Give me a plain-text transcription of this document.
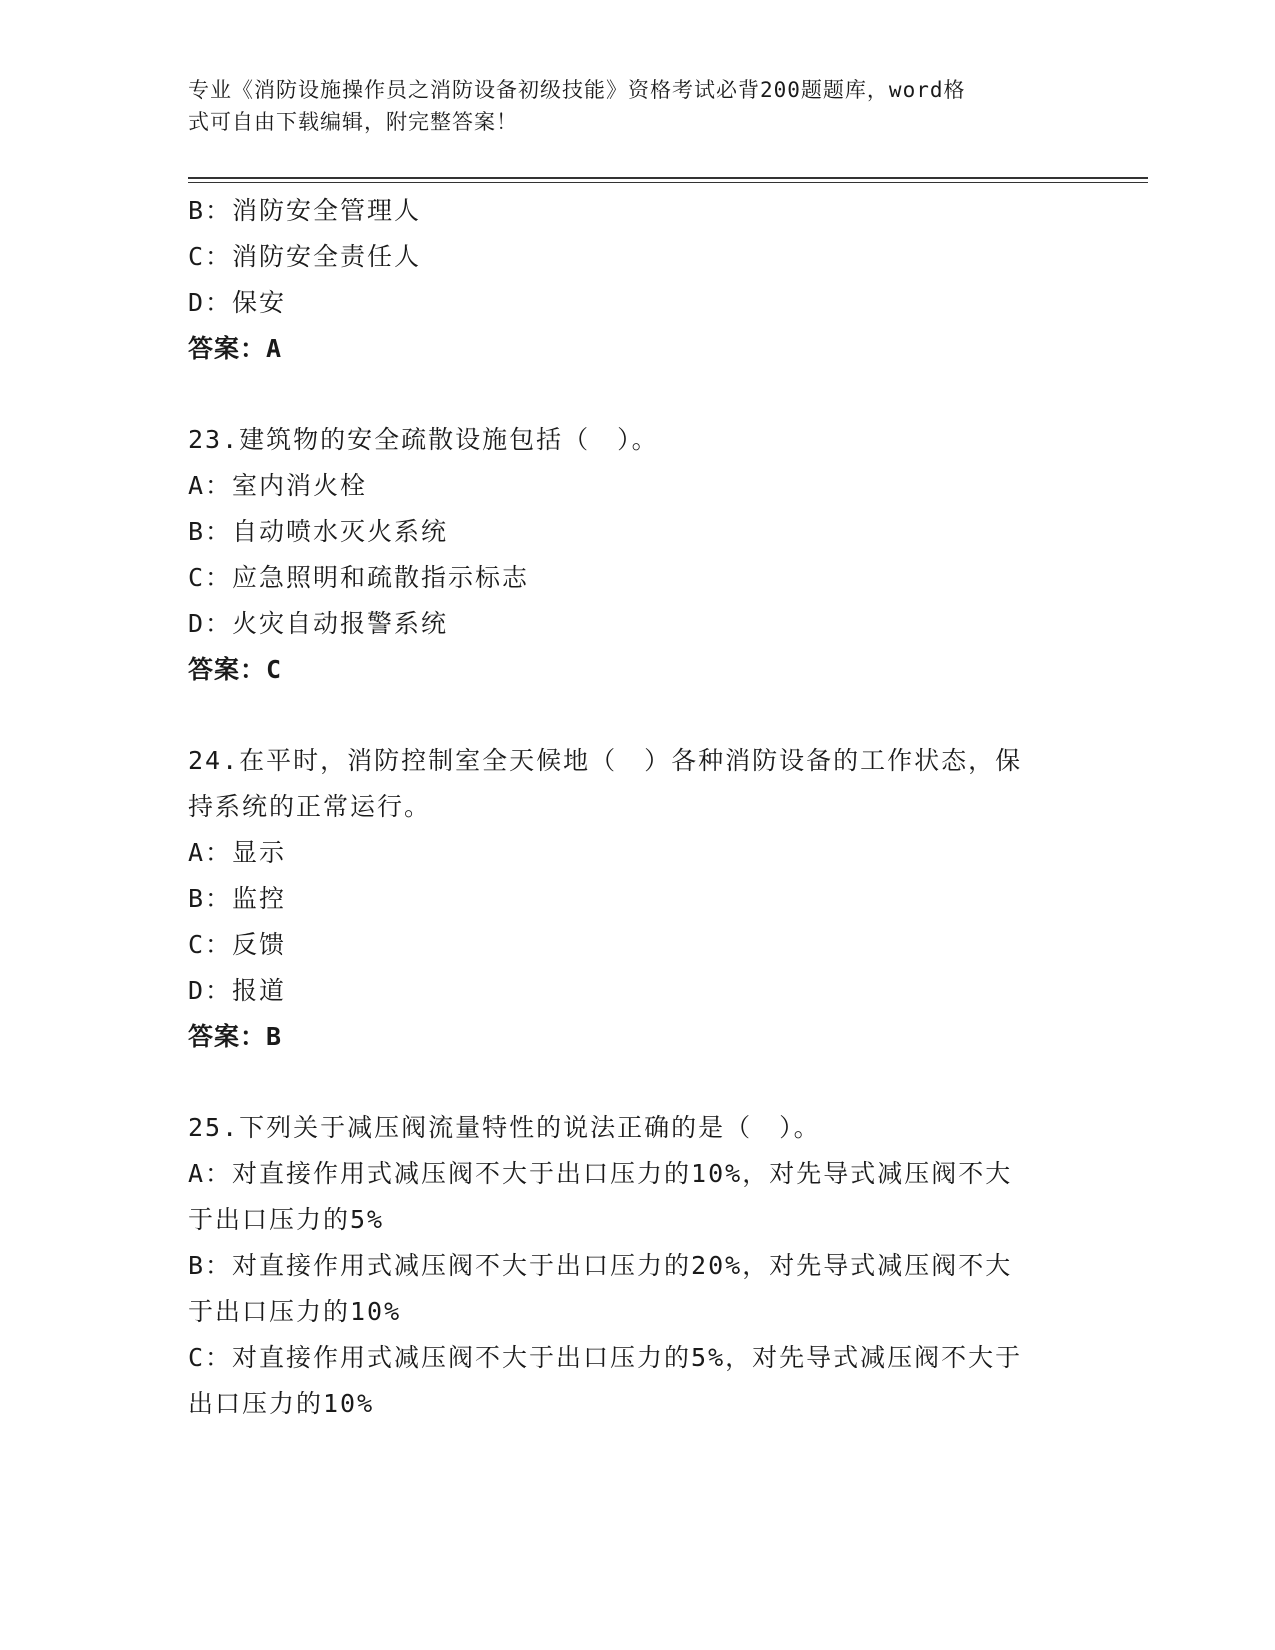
专业《消防设施操作员之消防设备初级技能》资格考试必背200题题库，word格
式可自由下载编辑，附完整答案！
B：消防安全管理人
C：消防安全责任人
D：保安
答案：A
23.建筑物的安全疏散设施包括（　）。
A：室内消火栓
B：自动喷水灭火系统
C：应急照明和疏散指示标志
D：火灾自动报警系统
答案：C
24.在平时，消防控制室全天候地（　）各种消防设备的工作状态，保
持系统的正常运行。
A：显示
B：监控
C：反馈
D：报道
答案：B
25.下列关于减压阀流量特性的说法正确的是（　）。
A：对直接作用式减压阀不大于出口压力的10%，对先导式减压阀不大
于出口压力的5%
B：对直接作用式减压阀不大于出口压力的20%，对先导式减压阀不大
于出口压力的10%
C：对直接作用式减压阀不大于出口压力的5%，对先导式减压阀不大于
出口压力的10%
